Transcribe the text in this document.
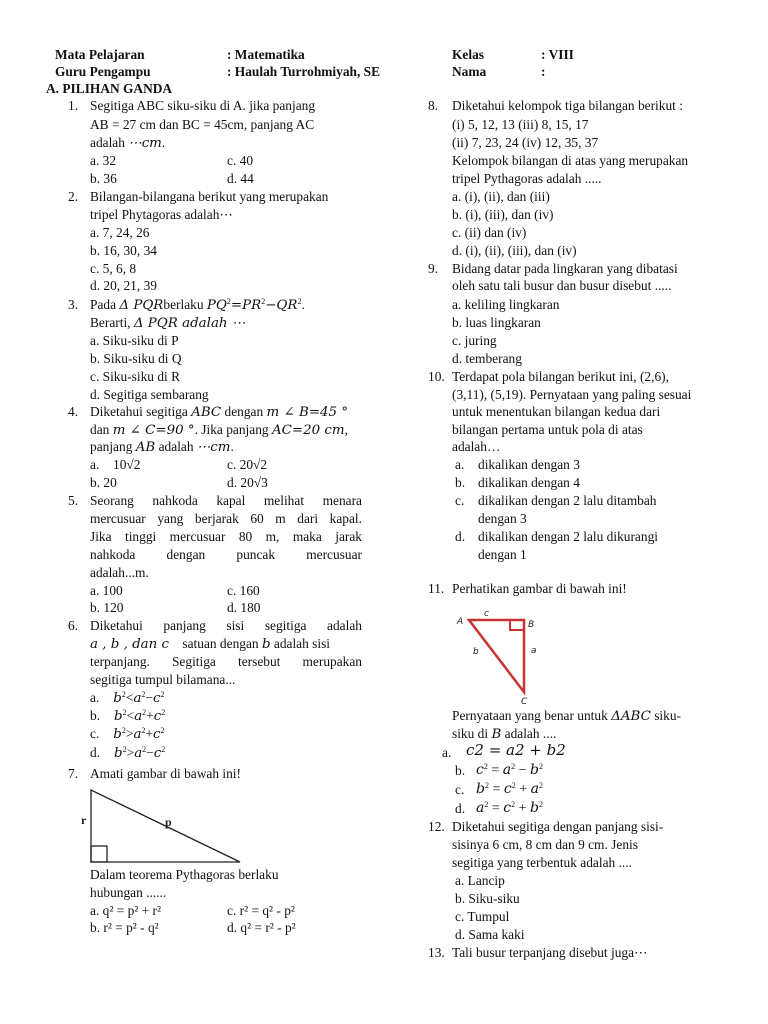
Mata Pelajaran	: Matematika
Guru Pengampu	: Haulah Turrohmiyah, SE
Kelas	: VIII
Nama	:
A. PILIHAN GANDA
1. Segitiga ABC siku-siku di A. jika panjang
AB = 27 cm dan BC = 45cm, panjang AC
adalah ⋯cm.
a. 32	c. 40
b. 36	d. 44
2. Bilangan-bilangana berikut yang merupakan
tripel Phytagoras adalah⋯
a. 7, 24, 26
b. 16, 30, 34
c. 5, 6, 8
d. 20, 21, 39
3. Pada Δ PQRberlaku $PQ^2=PR^2-QR^2$.
Berarti, Δ PQR adalah ⋯
a. Siku-siku di P
b. Siku-siku di Q
c. Siku-siku di R
d. Segitiga sembarang
4. Diketahui segitiga ABC dengan m ∠ B=45 °
dan m ∠ C=90 °. Jika panjang AC=20 cm,
panjang AB adalah ⋯cm.
a. 10√2	c. 20√2
b. 20	d. 20√3
5. Seorang nahkoda kapal melihat menara
mercusuar yang berjarak 60 m dari kapal.
Jika tinggi mercusuar 80 m, maka jarak
nahkoda dengan puncak mercusuar
adalah...m.
a. 100	c. 160
b. 120	d. 180
6. Diketahui panjang sisi segitiga adalah
a , b , dan c satuan dengan b adalah sisi
terpanjang. Segitiga tersebut merupakan
segitiga tumpul bilamana...
a. $b^2<a^2-c^2$
b. $b^2<a^2+c^2$
c. $b^2>a^2+c^2$
d. $b^2>a^2-c^2$
7. Amati gambar di bawah ini!
r	p
Dalam teorema Pythagoras berlaku
hubungan ......
a. q² = p² + r²	c. r² = q² - p²
b. r² = p² - q²	d. q² = r² - p²
8. Diketahui kelompok tiga bilangan berikut :
(i) 5, 12, 13 (iii) 8, 15, 17
(ii) 7, 23, 24 (iv) 12, 35, 37
Kelompok bilangan di atas yang merupakan
tripel Pythagoras adalah .....
a. (i), (ii), dan (iii)
b. (i), (iii), dan (iv)
c. (ii) dan (iv)
d. (i), (ii), (iii), dan (iv)
9. Bidang datar pada lingkaran yang dibatasi
oleh satu tali busur dan busur disebut .....
a. keliling lingkaran
b. luas lingkaran
c. juring
d. temberang
10. Terdapat pola bilangan berikut ini, (2,6),
(3,11), (5,19). Pernyataan yang paling sesuai
untuk menentukan bilangan kedua dari
bilangan pertama untuk pola di atas
adalah…
a. dikalikan dengan 3
b. dikalikan dengan 4
c. dikalikan dengan 2 lalu ditambah
dengan 3
d. dikalikan dengan 2 lalu dikurangi
dengan 1
11. Perhatikan gambar di bawah ini!
A	B
C
c
b	a
Pernyataan yang benar untuk ΔABC siku-
siku di B adalah ....
a. c2 = a2 + b2
b. $c^2 = a^2 - b^2$
c. $b^2 = c^2 + a^2$
d. $a^2 = c^2 + b^2$
12. Diketahui segitiga dengan panjang sisi-
sisinya 6 cm, 8 cm dan 9 cm. Jenis
segitiga yang terbentuk adalah ....
a. Lancip
b. Siku-siku
c. Tumpul
d. Sama kaki
13. Tali busur terpanjang disebut juga⋯
